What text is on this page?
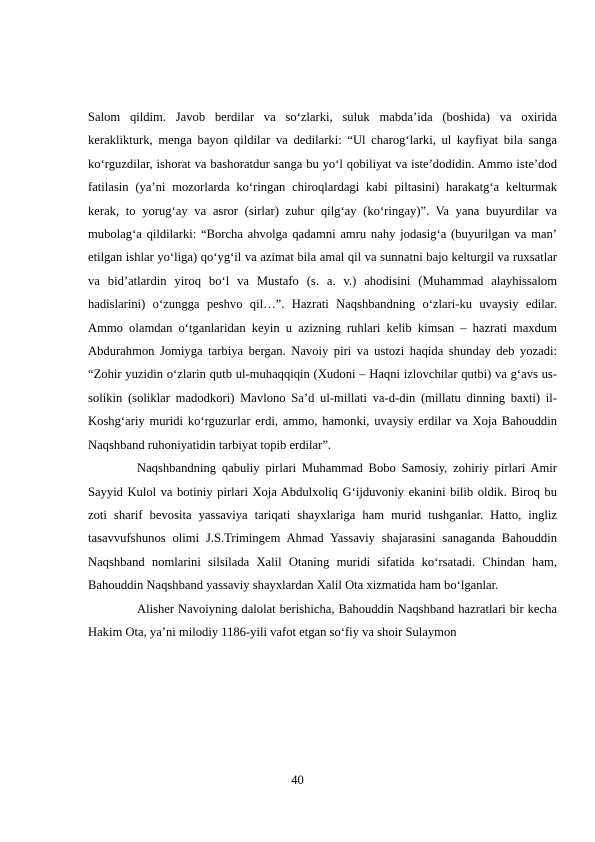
Salom qildim. Javob berdilar va so‘zlarki, suluk mabda’ida (boshida) va oxirida keraklikturk, menga bayon qildilar va dedilarki: “Ul charog‘larki, ul kayfiyat bila sanga ko‘rguzdilar, ishorat va bashoratdur sanga bu yo‘l qobiliyat va iste’dodidin. Ammo iste’dod fatilasin (ya’ni mozorlarda ko‘ringan chiroqlardagi kabi piltasini) harakatg‘a kelturmak kerak, to yorug‘ay va asror (sirlar) zuhur qilg‘ay (ko‘ringay)”. Va yana buyurdilar va mubolag‘a qildilarki: “Borcha ahvolga qadamni amru nahy jodasig‘a (buyurilgan va man’ etilgan ishlar yo‘liga) qo‘yg‘il va azimat bila amal qil va sunnatni bajo kelturgil va ruxsatlar va bid’atlardin yiroq bo‘l va Mustafo (s. a. v.) ahodisini (Muhammad alayhissalom hadislarini) o‘zungga peshvo qil…”. Hazrati Naqshbandning o‘zlari-ku uvaysiy edilar. Ammo olamdan o‘tganlaridan keyin u azizning ruhlari kelib kimsan – hazrati maxdum Abdurahmon Jomiyga tarbiya bergan. Navoiy piri va ustozi haqida shunday deb yozadi: “Zohir yuzidin o‘zlarin qutb ul-muhaqqiqin (Xudoni – Haqni izlovchilar qutbi) va g‘avs us-solikin (soliklar madodkori) Mavlono Sa’d ul-millati va-d-din (millatu dinning baxti) il-Koshg‘ariy muridi ko‘rguzurlar erdi, ammo, hamonki, uvaysiy erdilar va Xoja Bahouddin Naqshband ruhoniyatidin tarbiyat topib erdilar”.

Naqshbandning qabuliy pirlari Muhammad Bobo Samosiy, zohiriy pirlari Amir Sayyid Kulol va botiniy pirlari Xoja Abdulxoliq G‘ijduvoniy ekanini bilib oldik. Biroq bu zoti sharif bevosita yassaviya tariqati shayxlariga ham murid tushganlar. Hatto, ingliz tasavvufshunos olimi J.S.Trimingem Ahmad Yassaviy shajarasini sanaganda Bahouddin Naqshband nomlarini silsilada Xalil Otaning muridi sifatida ko‘rsatadi. Chindan ham, Bahouddin Naqshband yassaviy shayxlardan Xalil Ota xizmatida ham bo‘lganlar.

Alisher Navoiyning dalolat berishicha, Bahouddin Naqshband hazratlari bir kecha Hakim Ota, ya’ni milodiy 1186-yili vafot etgan so‘fiy va shoir Sulaymon

40
